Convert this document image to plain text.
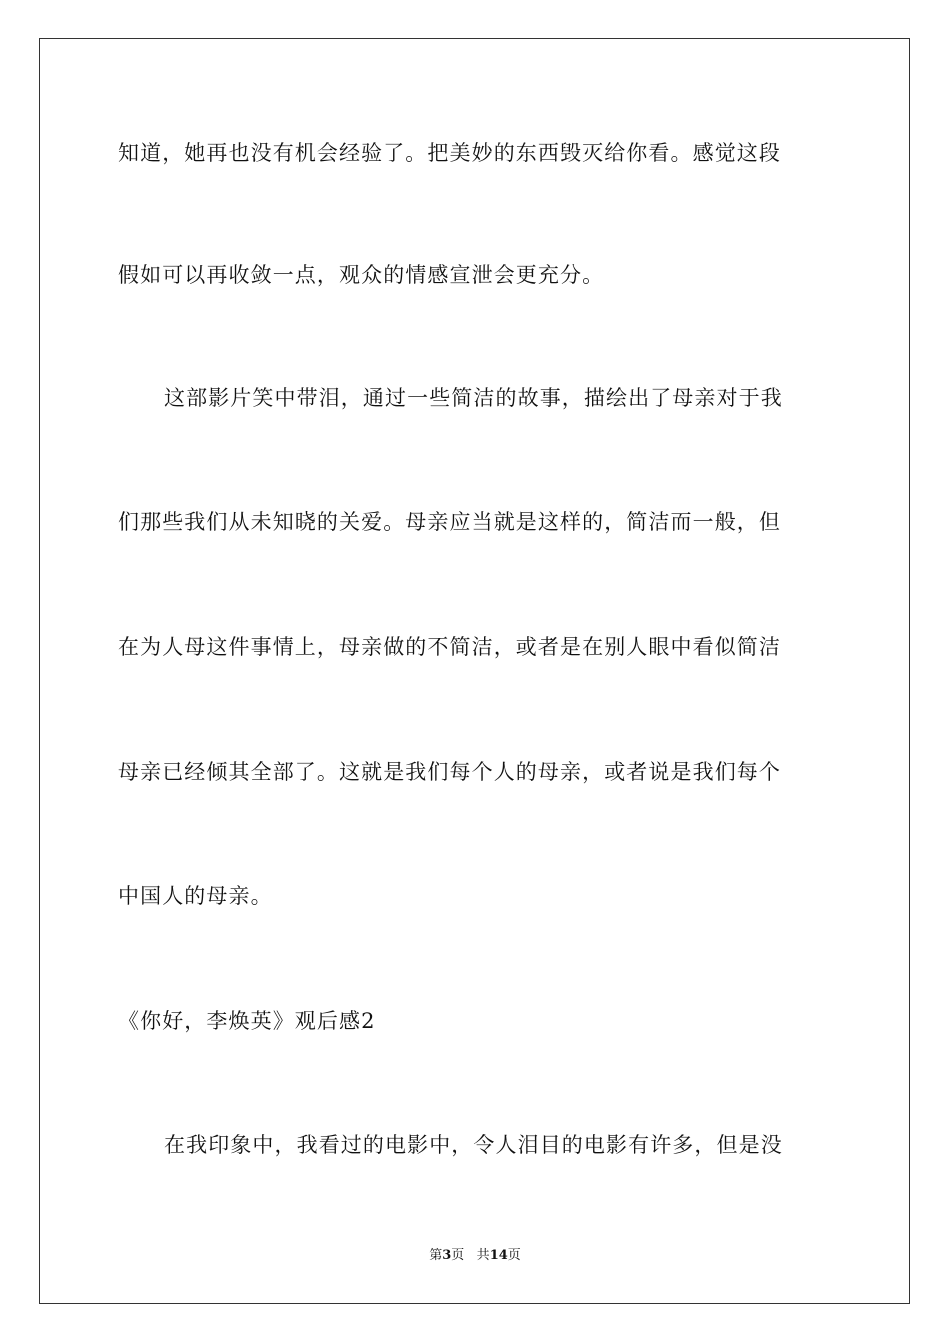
知道，她再也没有机会经验了。把美妙的东西毁灭给你看。感觉这段
假如可以再收敛一点，观众的情感宣泄会更充分。
这部影片笑中带泪，通过一些简洁的故事，描绘出了母亲对于我
们那些我们从未知晓的关爱。母亲应当就是这样的，简洁而一般，但
在为人母这件事情上，母亲做的不简洁，或者是在别人眼中看似简洁
母亲已经倾其全部了。这就是我们每个人的母亲，或者说是我们每个
中国人的母亲。
《你好，李焕英》观后感2
在我印象中，我看过的电影中，令人泪目的电影有许多，但是没
第3页 共14页
